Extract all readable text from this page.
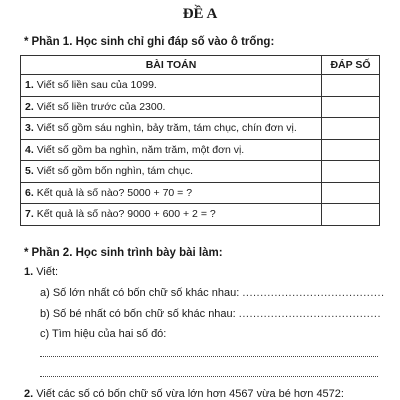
ĐỀ A
* Phần 1. Học sinh chỉ ghi đáp số vào ô trống:
BÀI TOÁN	ĐÁP SỐ
1. Viết số liền sau của 1099.	
2. Viết số liền trước của 2300.	
3. Viết số gồm sáu nghìn, bảy trăm, tám chục, chín đơn vị.	
4. Viết số gồm ba nghìn, năm trăm, một đơn vị.	
5. Viết số gồm bốn nghìn, tám chục.	
6. Kết quả là số nào? 5000 + 70 = ?	
7. Kết quả là số nào? 9000 + 600 + 2 = ?	
* Phần 2. Học sinh trình bày bài làm:
1. Viết:
a) Số lớn nhất có bốn chữ số khác nhau: ........................................
b) Số bé nhất có bốn chữ số khác nhau: ........................................
c) Tìm hiệu của hai số đó:
2. Viết các số có bốn chữ số vừa lớn hơn 4567 vừa bé hơn 4572:
